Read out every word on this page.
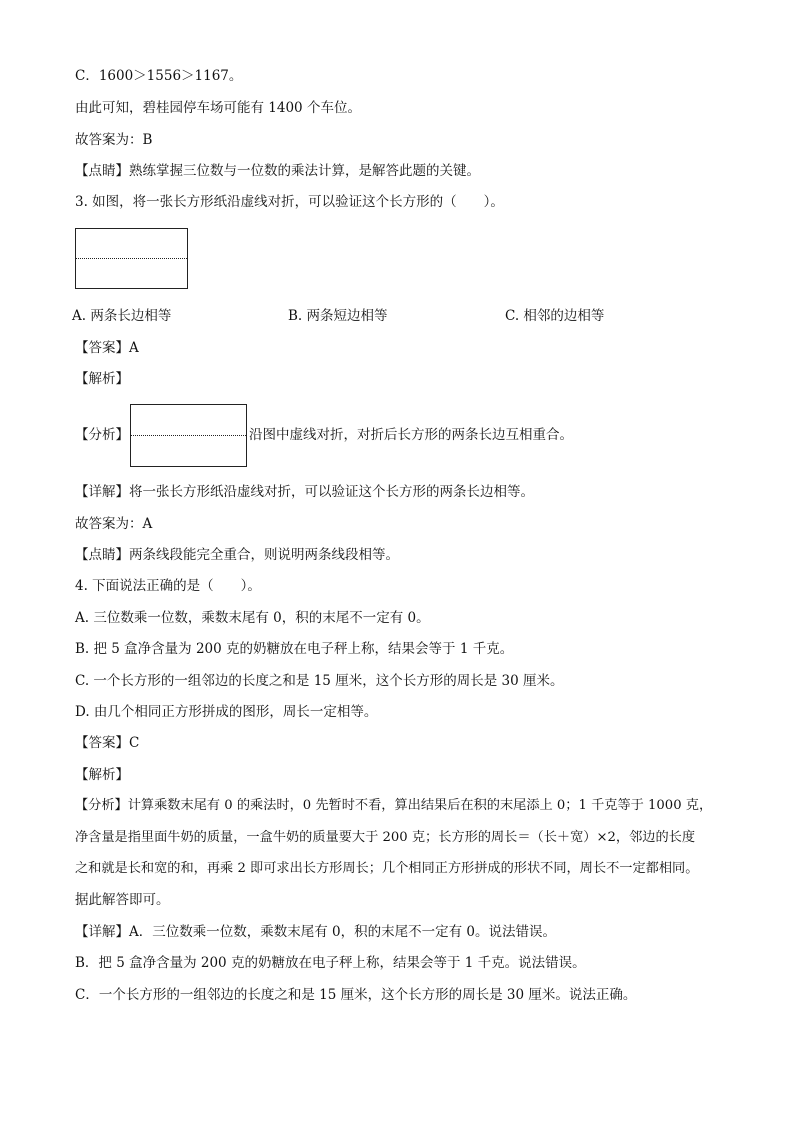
C．1600＞1556＞1167。
由此可知，碧桂园停车场可能有 1400 个车位。
故答案为：B
【点睛】熟练掌握三位数与一位数的乘法计算，是解答此题的关键。
3. 如图，将一张长方形纸沿虚线对折，可以验证这个长方形的（　　）。
A. 两条长边相等	B. 两条短边相等	C. 相邻的边相等
【答案】A
【解析】
【分析】	沿图中虚线对折，对折后长方形的两条长边互相重合。
【详解】将一张长方形纸沿虚线对折，可以验证这个长方形的两条长边相等。
故答案为：A
【点睛】两条线段能完全重合，则说明两条线段相等。
4. 下面说法正确的是（　　）。
A. 三位数乘一位数，乘数末尾有 0，积的末尾不一定有 0。
B. 把 5 盒净含量为 200 克的奶糖放在电子秤上称，结果会等于 1 千克。
C. 一个长方形的一组邻边的长度之和是 15 厘米，这个长方形的周长是 30 厘米。
D. 由几个相同正方形拼成的图形，周长一定相等。
【答案】C
【解析】
【分析】计算乘数末尾有 0 的乘法时，0 先暂时不看，算出结果后在积的末尾添上 0；1 千克等于 1000 克，
净含量是指里面牛奶的质量，一盒牛奶的质量要大于 200 克；长方形的周长＝（长＋宽）×2，邻边的长度
之和就是长和宽的和，再乘 2 即可求出长方形周长；几个相同正方形拼成的形状不同，周长不一定都相同。
据此解答即可。
【详解】A．三位数乘一位数，乘数末尾有 0，积的末尾不一定有 0。说法错误。
B．把 5 盒净含量为 200 克的奶糖放在电子秤上称，结果会等于 1 千克。说法错误。
C．一个长方形的一组邻边的长度之和是 15 厘米，这个长方形的周长是 30 厘米。说法正确。
